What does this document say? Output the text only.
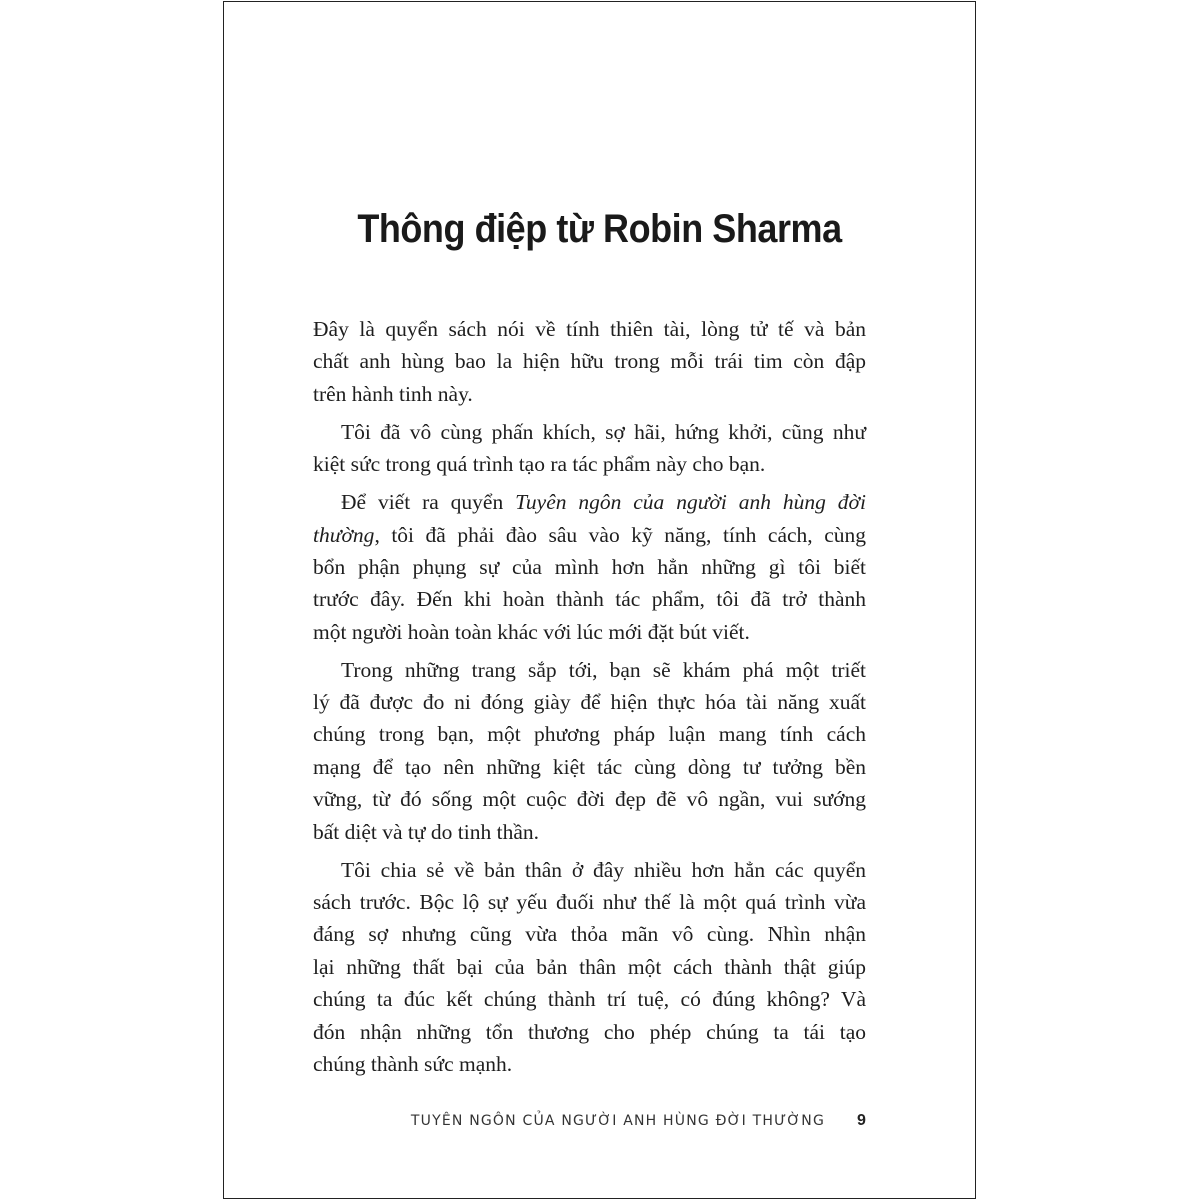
Thông điệp từ Robin Sharma
Đây là quyển sách nói về tính thiên tài, lòng tử tế và bản
chất anh hùng bao la hiện hữu trong mỗi trái tim còn đập
trên hành tinh này.
Tôi đã vô cùng phấn khích, sợ hãi, hứng khởi, cũng như
kiệt sức trong quá trình tạo ra tác phẩm này cho bạn.
Để viết ra quyển Tuyên ngôn của người anh hùng đời
thường, tôi đã phải đào sâu vào kỹ năng, tính cách, cùng
bổn phận phụng sự của mình hơn hẳn những gì tôi biết
trước đây. Đến khi hoàn thành tác phẩm, tôi đã trở thành
một người hoàn toàn khác với lúc mới đặt bút viết.
Trong những trang sắp tới, bạn sẽ khám phá một triết
lý đã được đo ni đóng giày để hiện thực hóa tài năng xuất
chúng trong bạn, một phương pháp luận mang tính cách
mạng để tạo nên những kiệt tác cùng dòng tư tưởng bền
vững, từ đó sống một cuộc đời đẹp đẽ vô ngần, vui sướng
bất diệt và tự do tinh thần.
Tôi chia sẻ về bản thân ở đây nhiều hơn hẳn các quyển
sách trước. Bộc lộ sự yếu đuối như thế là một quá trình vừa
đáng sợ nhưng cũng vừa thỏa mãn vô cùng. Nhìn nhận
lại những thất bại của bản thân một cách thành thật giúp
chúng ta đúc kết chúng thành trí tuệ, có đúng không? Và
đón nhận những tổn thương cho phép chúng ta tái tạo
chúng thành sức mạnh.
TUYÊN NGÔN CỦA NGƯỜI ANH HÙNG ĐỜI THƯỜNG 9
